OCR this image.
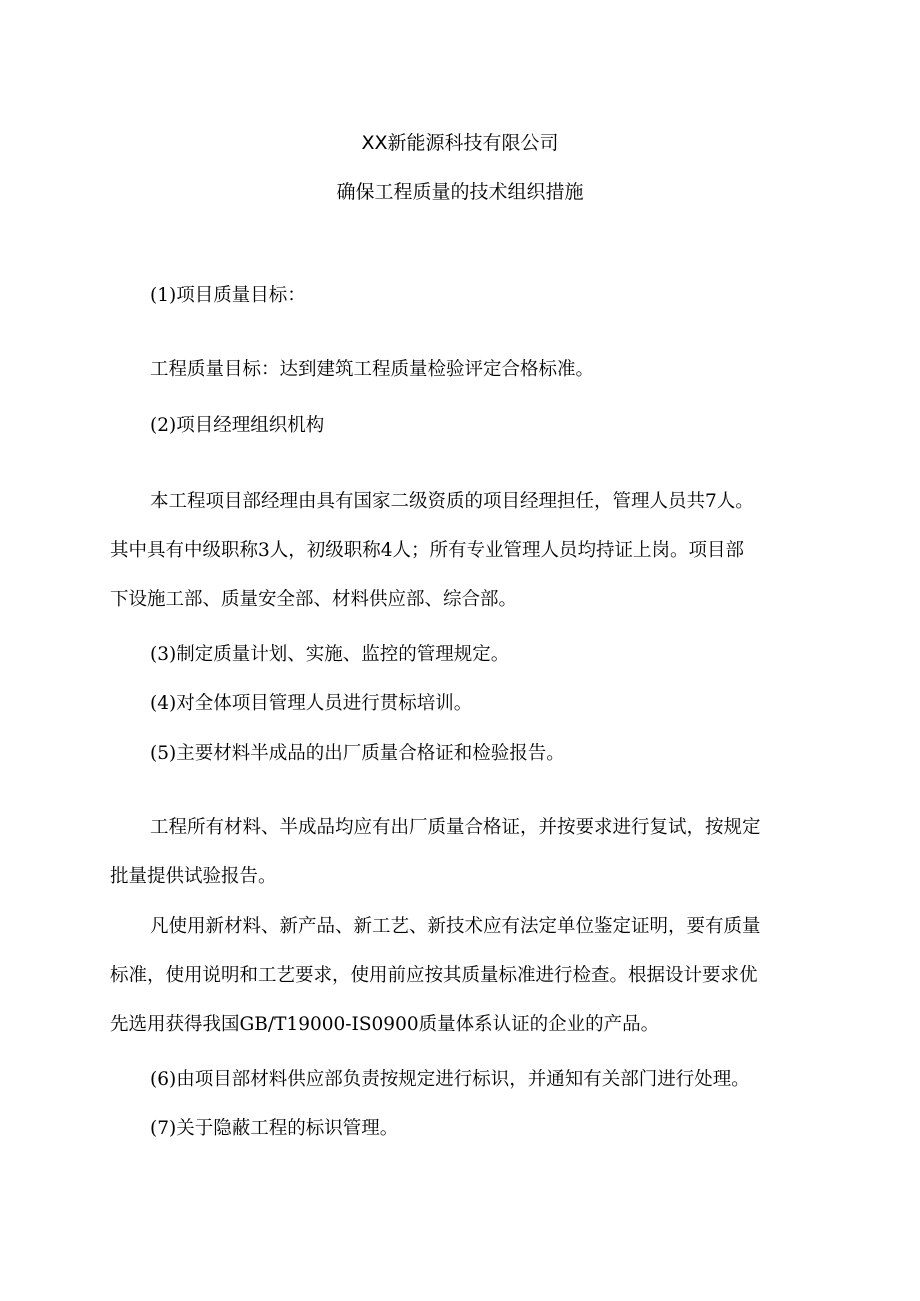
XX新能源科技有限公司
确保工程质量的技术组织措施
(1)项目质量目标：
工程质量目标：达到建筑工程质量检验评定合格标准。
(2)项目经理组织机构
本工程项目部经理由具有国家二级资质的项目经理担任，管理人员共7人。
其中具有中级职称3人，初级职称4人；所有专业管理人员均持证上岗。项目部
下设施工部、质量安全部、材料供应部、综合部。
(3)制定质量计划、实施、监控的管理规定。
(4)对全体项目管理人员进行贯标培训。
(5)主要材料半成品的出厂质量合格证和检验报告。
工程所有材料、半成品均应有出厂质量合格证，并按要求进行复试，按规定
批量提供试验报告。
凡使用新材料、新产品、新工艺、新技术应有法定单位鉴定证明，要有质量
标准，使用说明和工艺要求，使用前应按其质量标准进行检查。根据设计要求优
先选用获得我国GB/T19000-IS0900质量体系认证的企业的产品。
(6)由项目部材料供应部负责按规定进行标识，并通知有关部门进行处理。
(7)关于隐蔽工程的标识管理。
